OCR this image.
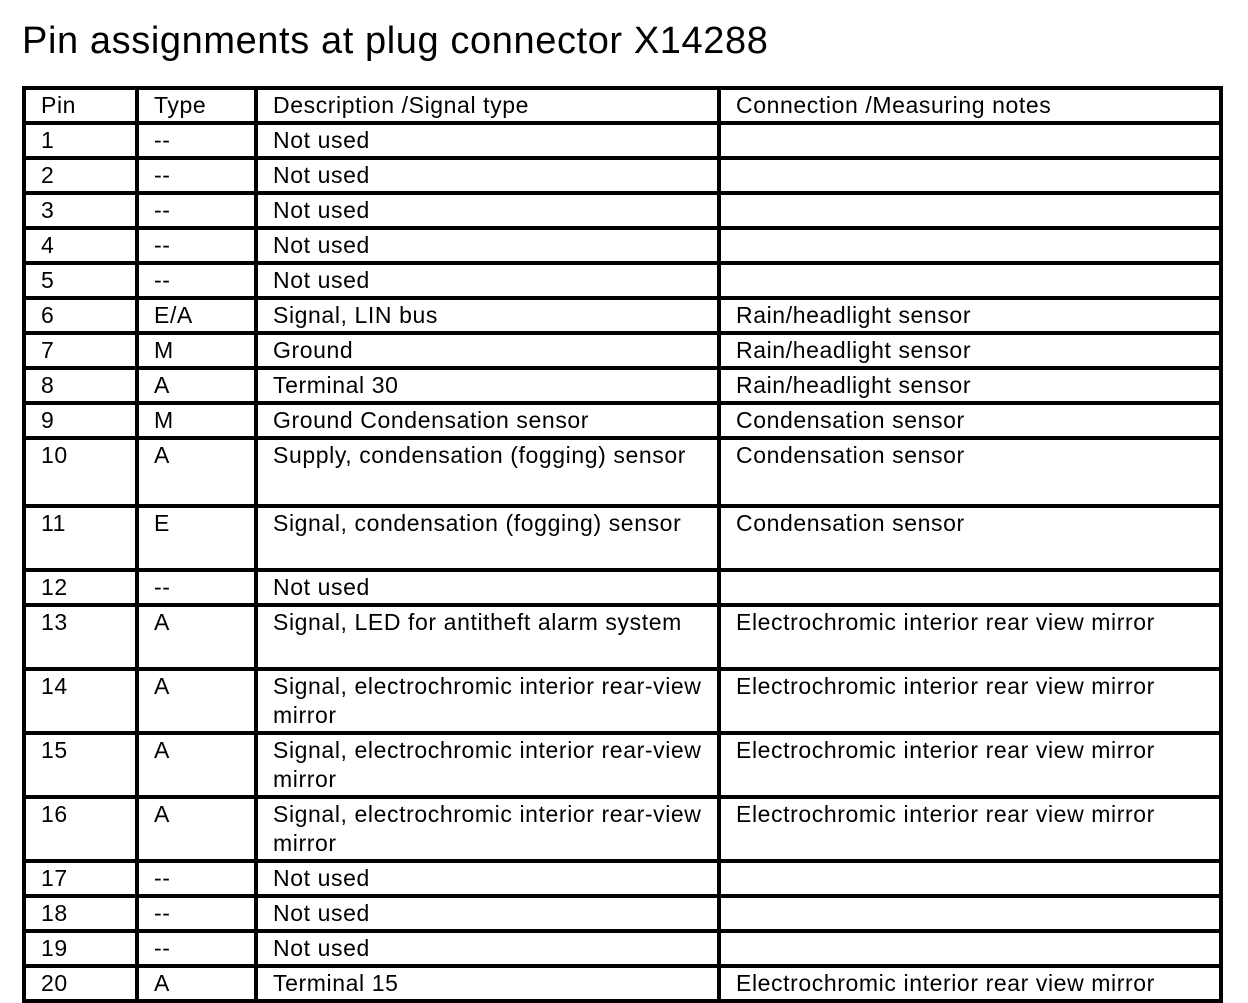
Pin assignments at plug connector X14288
Pin	Type	Description /Signal type	Connection /Measuring notes
1	--	Not used	
2	--	Not used	
3	--	Not used	
4	--	Not used	
5	--	Not used	
6	E/A	Signal, LIN bus	Rain/headlight sensor
7	M	Ground	Rain/headlight sensor
8	A	Terminal 30	Rain/headlight sensor
9	M	Ground Condensation sensor	Condensation sensor
10	A	Supply, condensation (fogging) sensor	Condensation sensor
11	E	Signal, condensation (fogging) sensor	Condensation sensor
12	--	Not used	
13	A	Signal, LED for antitheft alarm system	Electrochromic interior rear view mirror
14	A	Signal, electrochromic interior rear-view mirror	Electrochromic interior rear view mirror
15	A	Signal, electrochromic interior rear-view mirror	Electrochromic interior rear view mirror
16	A	Signal, electrochromic interior rear-view mirror	Electrochromic interior rear view mirror
17	--	Not used	
18	--	Not used	
19	--	Not used	
20	A	Terminal 15	Electrochromic interior rear view mirror
